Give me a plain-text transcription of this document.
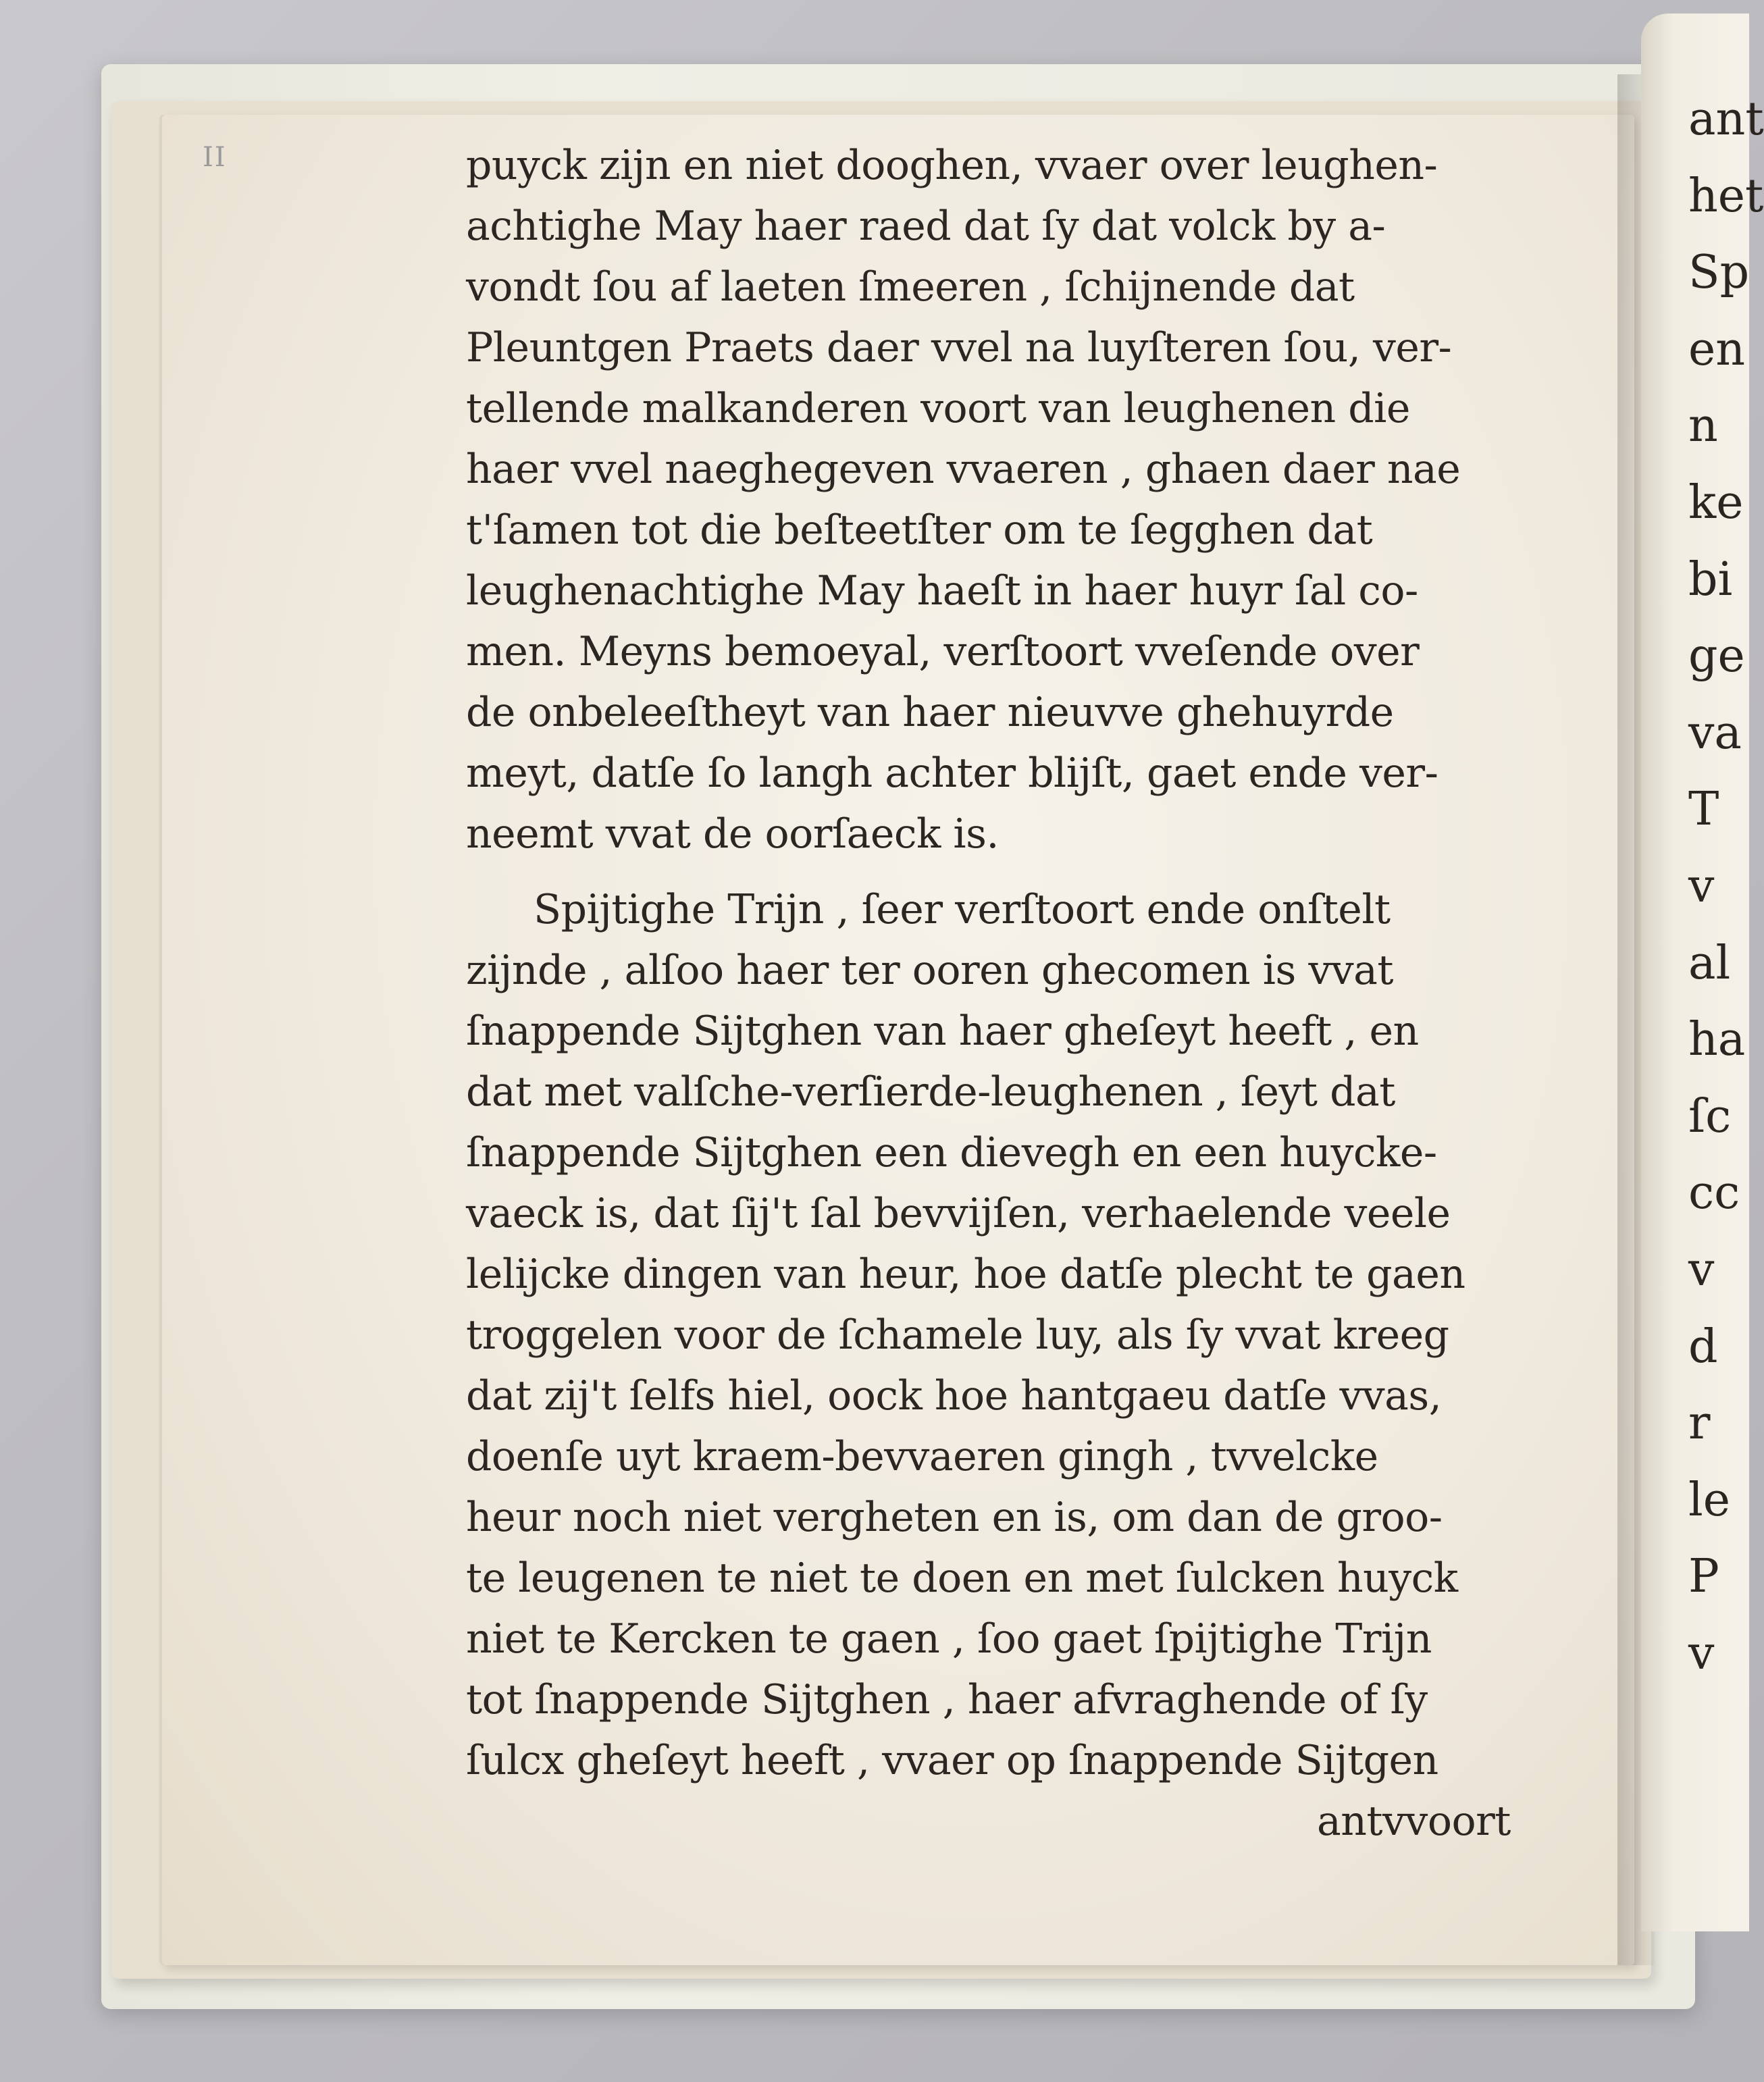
ant
het
Sp
en
n
ke
bi
ge
va
T
v
al
ha
ſc
cc
v
d
r
le
P
v
II	puyck zijn en niet dooghen, vvaer over leughen-
achtighe May haer raed dat ſy dat volck by a-
vondt ſou af laeten ſmeeren , ſchijnende dat
Pleuntgen Praets daer vvel na luyſteren ſou, ver-
tellende malkanderen voort van leughenen die
haer vvel naeghegeven vvaeren , ghaen daer nae
t'ſamen tot die beſteetſter om te ſegghen dat
leughenachtighe May haeſt in haer huyr ſal co-
men. Meyns bemoeyal, verſtoort vveſende over
de onbeleeſtheyt van haer nieuvve ghehuyrde
meyt, datſe ſo langh achter blijſt, gaet ende ver-
neemt vvat de oorſaeck is.
Spijtighe Trijn , ſeer verſtoort ende onſtelt
zijnde , alſoo haer ter ooren ghecomen is vvat
ſnappende Sijtghen van haer gheſeyt heeft , en
dat met valſche-verſierde-leughenen , ſeyt dat
ſnappende Sijtghen een dievegh en een huycke-
vaeck is, dat ſij't ſal bevvijſen, verhaelende veele
lelijcke dingen van heur, hoe datſe plecht te gaen
troggelen voor de ſchamele luy, als ſy vvat kreeg
dat zij't ſelfs hiel, oock hoe hantgaeu datſe vvas,
doenſe uyt kraem-bevvaeren gingh , tvvelcke
heur noch niet vergheten en is, om dan de groo-
te leugenen te niet te doen en met ſulcken huyck
niet te Kercken te gaen , ſoo gaet ſpijtighe Trijn
tot ſnappende Sijtghen , haer afvraghende of ſy
ſulcx gheſeyt heeft , vvaer op ſnappende Sijtgen
antvvoort
